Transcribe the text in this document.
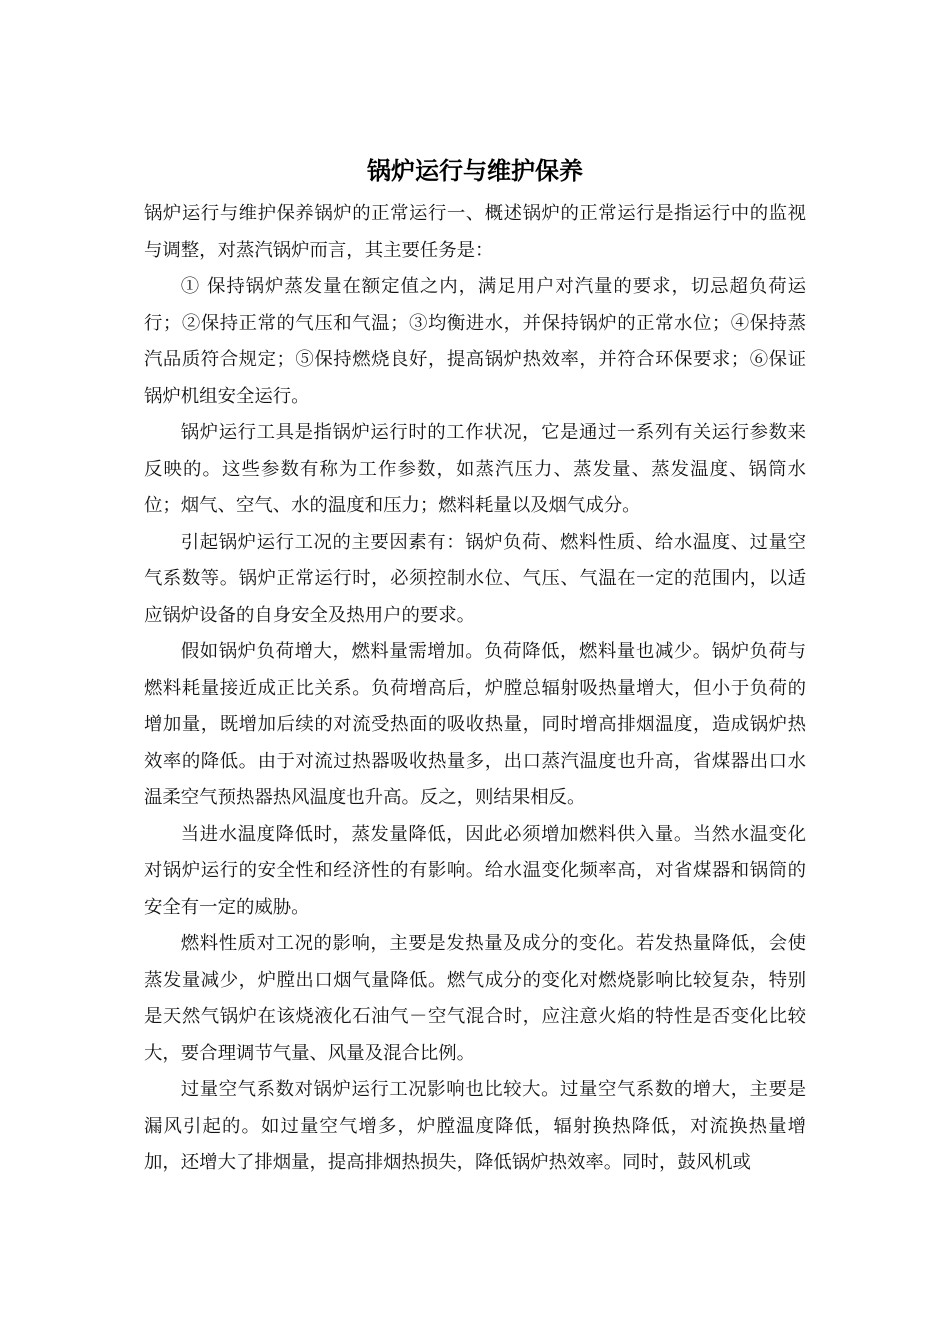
锅炉运行与维护保养

锅炉运行与维护保养锅炉的正常运行一、概述锅炉的正常运行是指运行中的监视与调整，对蒸汽锅炉而言，其主要任务是：

① 保持锅炉蒸发量在额定值之内，满足用户对汽量的要求，切忌超负荷运行；②保持正常的气压和气温；③均衡进水，并保持锅炉的正常水位；④保持蒸汽品质符合规定；⑤保持燃烧良好，提高锅炉热效率，并符合环保要求；⑥保证锅炉机组安全运行。

锅炉运行工具是指锅炉运行时的工作状况，它是通过一系列有关运行参数来反映的。这些参数有称为工作参数，如蒸汽压力、蒸发量、蒸发温度、锅筒水位；烟气、空气、水的温度和压力；燃料耗量以及烟气成分。

引起锅炉运行工况的主要因素有：锅炉负荷、燃料性质、给水温度、过量空气系数等。锅炉正常运行时，必须控制水位、气压、气温在一定的范围内，以适应锅炉设备的自身安全及热用户的要求。

假如锅炉负荷增大，燃料量需增加。负荷降低，燃料量也减少。锅炉负荷与燃料耗量接近成正比关系。负荷增高后，炉膛总辐射吸热量增大，但小于负荷的增加量，既增加后续的对流受热面的吸收热量，同时增高排烟温度，造成锅炉热效率的降低。由于对流过热器吸收热量多，出口蒸汽温度也升高，省煤器出口水温柔空气预热器热风温度也升高。反之，则结果相反。

当进水温度降低时，蒸发量降低，因此必须增加燃料供入量。当然水温变化对锅炉运行的安全性和经济性的有影响。给水温变化频率高，对省煤器和锅筒的安全有一定的威胁。

燃料性质对工况的影响，主要是发热量及成分的变化。若发热量降低，会使蒸发量减少，炉膛出口烟气量降低。燃气成分的变化对燃烧影响比较复杂，特别是天然气锅炉在该烧液化石油气－空气混合时，应注意火焰的特性是否变化比较大，要合理调节气量、风量及混合比例。

过量空气系数对锅炉运行工况影响也比较大。过量空气系数的增大，主要是漏风引起的。如过量空气增多，炉膛温度降低，辐射换热降低，对流换热量增加，还增大了排烟量，提高排烟热损失，降低锅炉热效率。同时，鼓风机或
